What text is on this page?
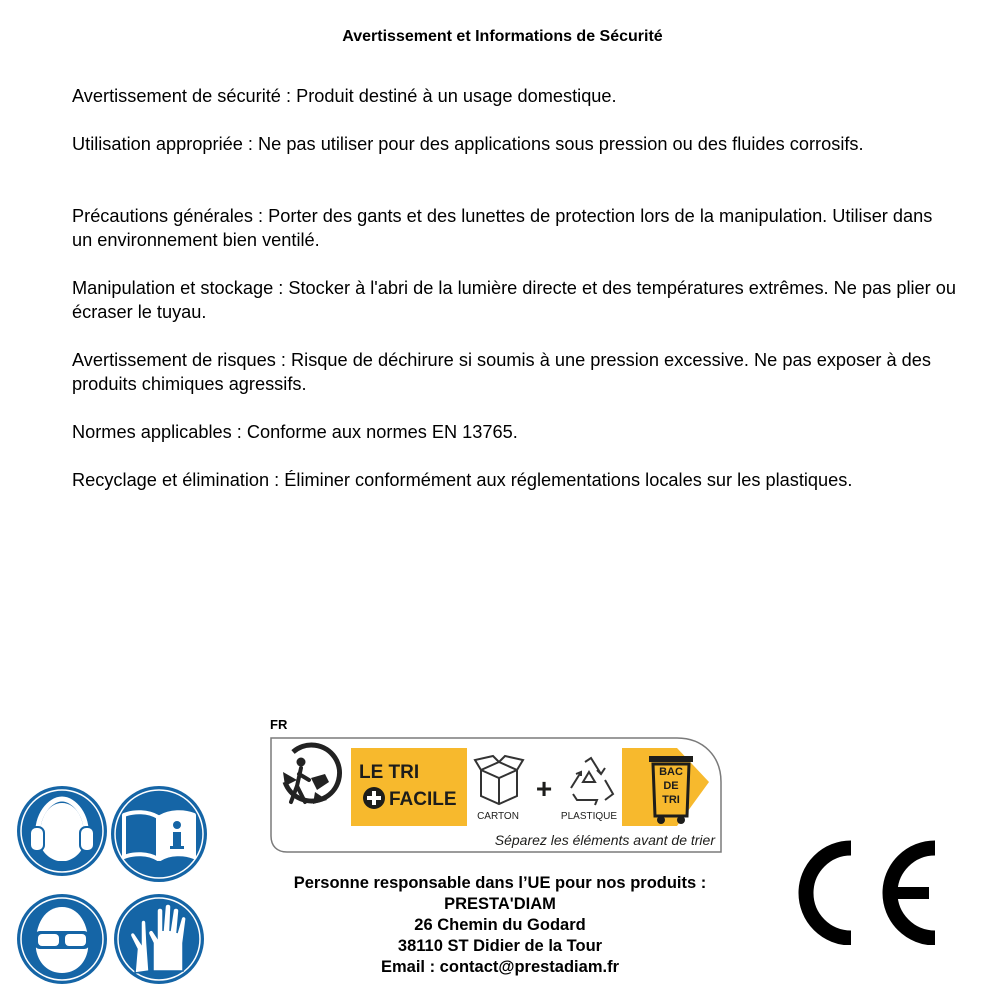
Avertissement et Informations de Sécurité

Avertissement de sécurité : Produit destiné à un usage domestique.

Utilisation appropriée : Ne pas utiliser pour des applications sous pression ou des fluides corrosifs.

Précautions générales : Porter des gants et des lunettes de protection lors de la manipulation. Utiliser dans un environnement bien ventilé.

Manipulation et stockage : Stocker à l'abri de la lumière directe et des températures extrêmes. Ne pas plier ou écraser le tuyau.

Avertissement de risques : Risque de déchirure si soumis à une pression excessive. Ne pas exposer à des produits chimiques agressifs.

Normes applicables : Conforme aux normes EN 13765.

Recyclage et élimination : Éliminer conformément aux réglementations locales sur les plastiques.

FR
LE TRI
FACILE
CARTON
+
PLASTIQUE
BAC
DE
TRI
Séparez les éléments avant de trier
Personne responsable dans l’UE pour nos produits :
PRESTA'DIAM
26 Chemin du Godard
38110 ST Didier de la Tour
Email : contact@prestadiam.fr
